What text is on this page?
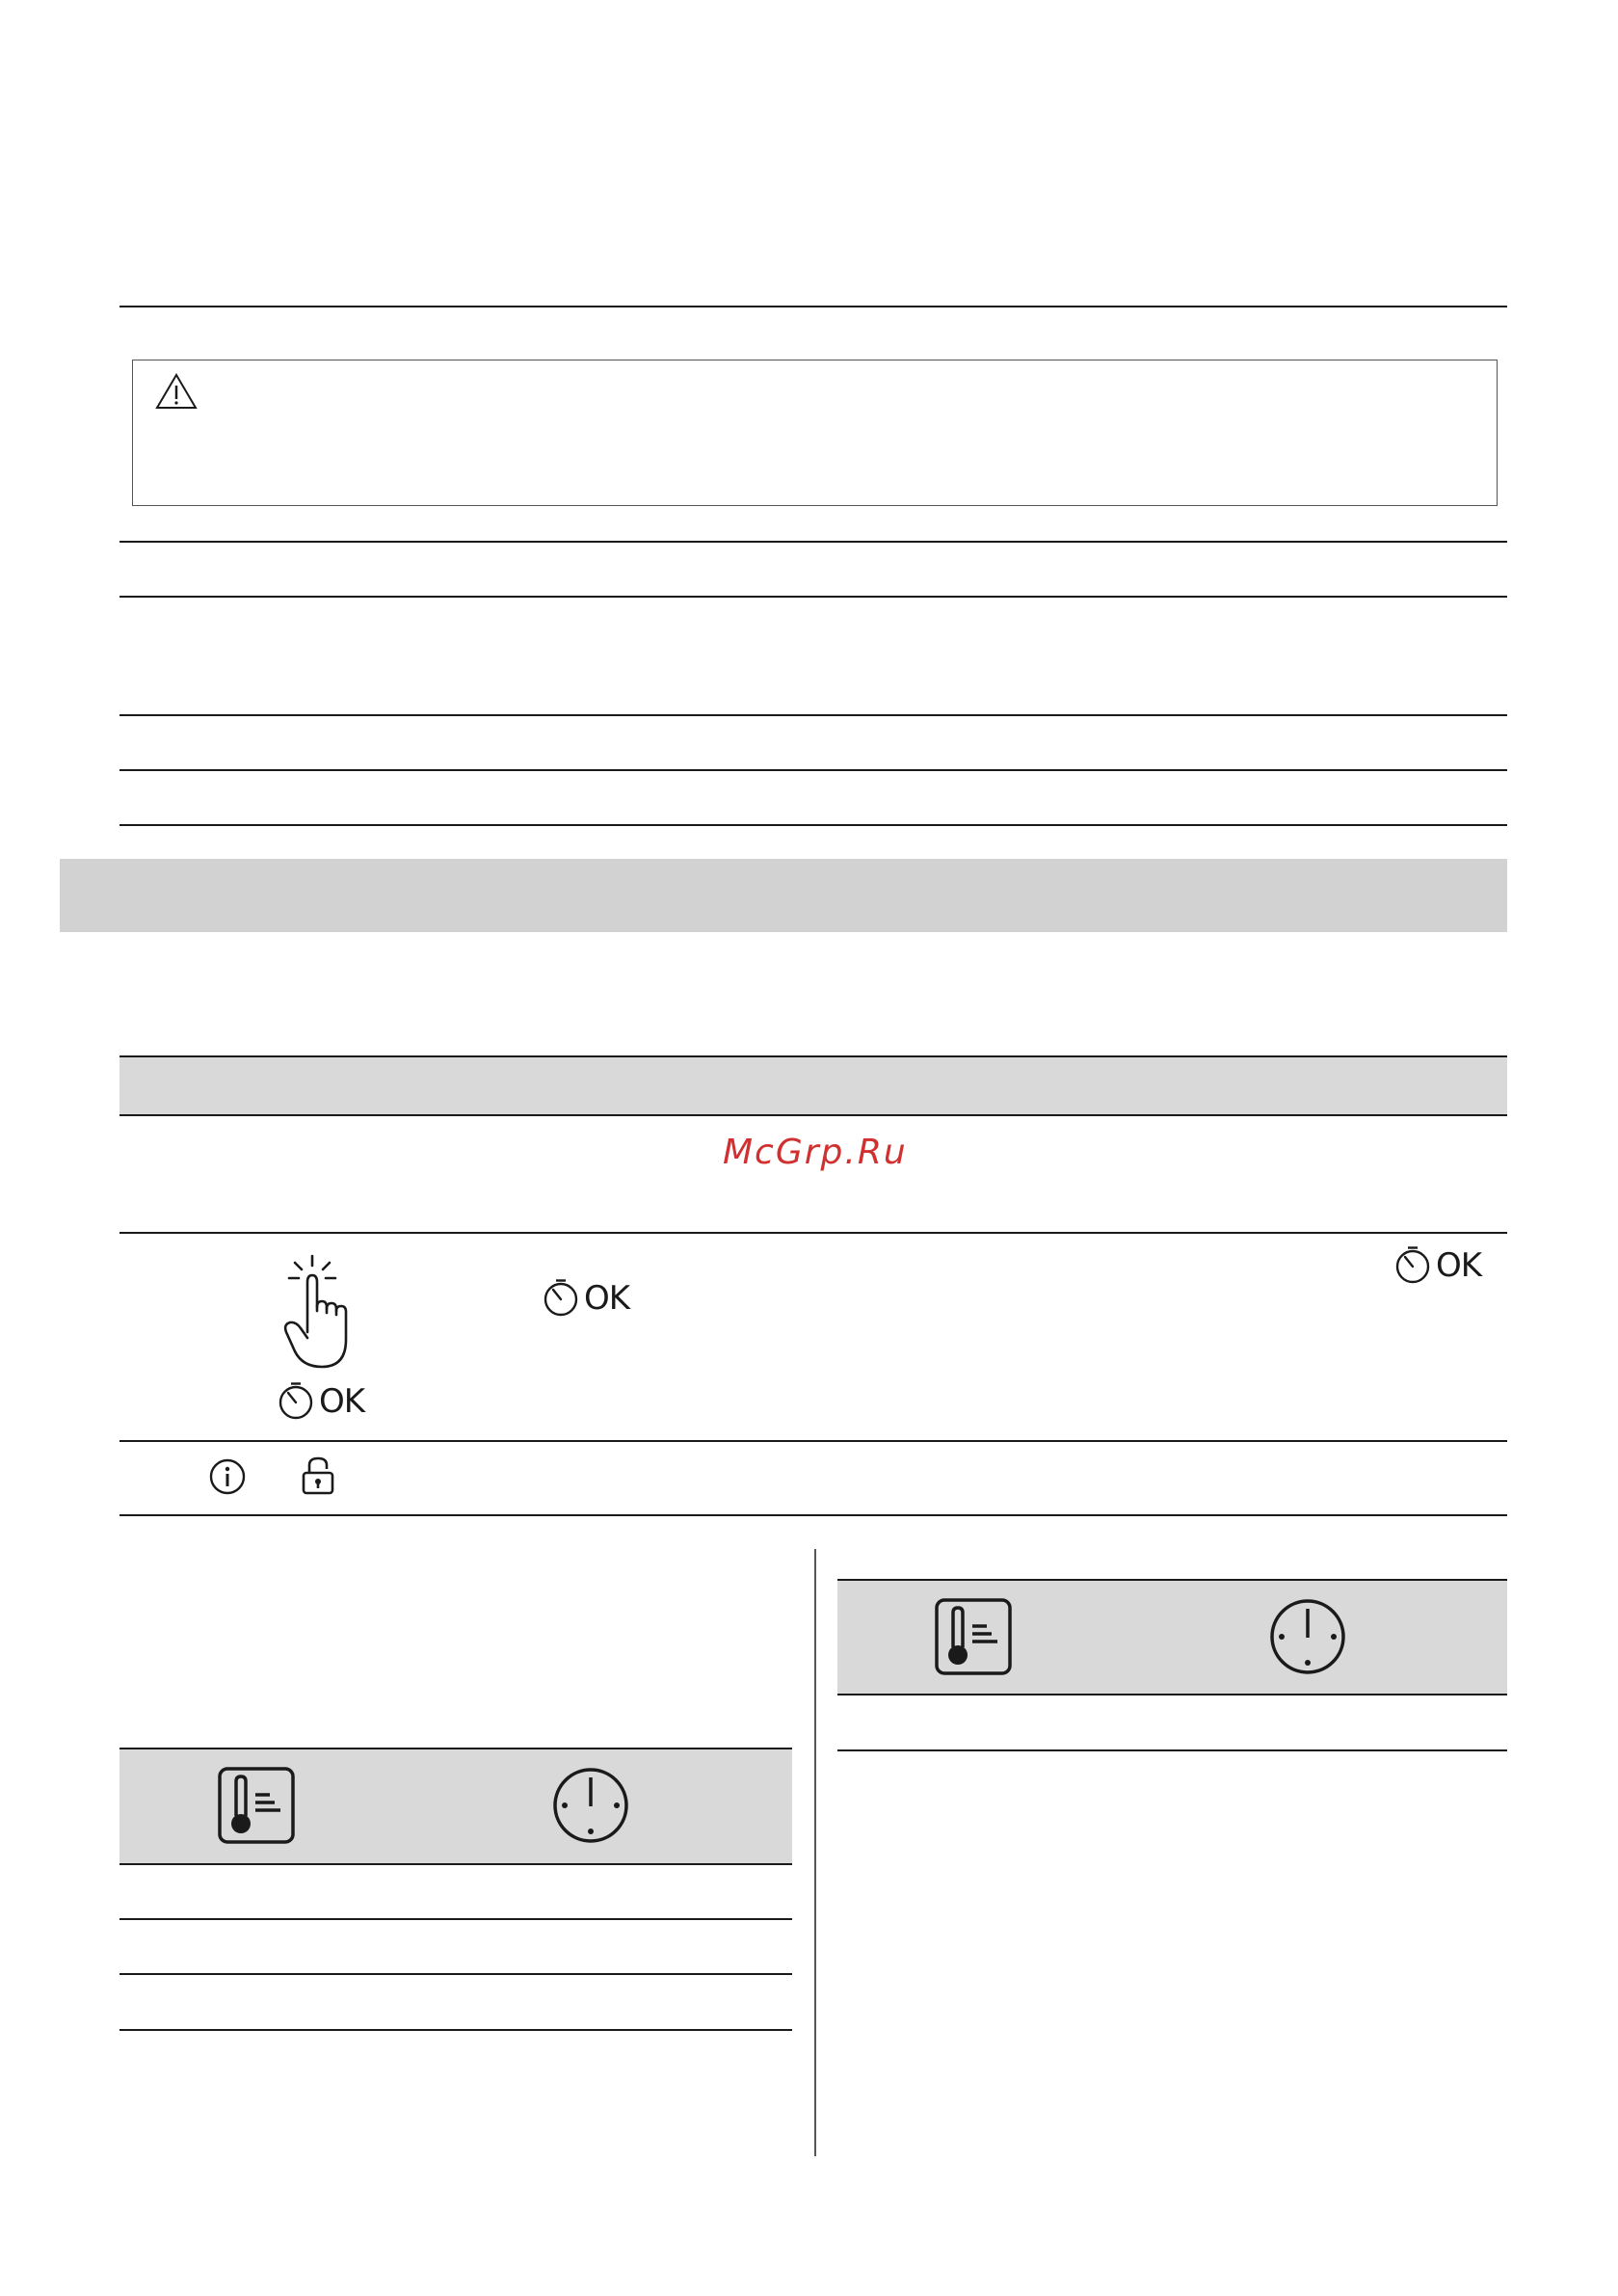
McGrp.Ru
OK
OK
OK
